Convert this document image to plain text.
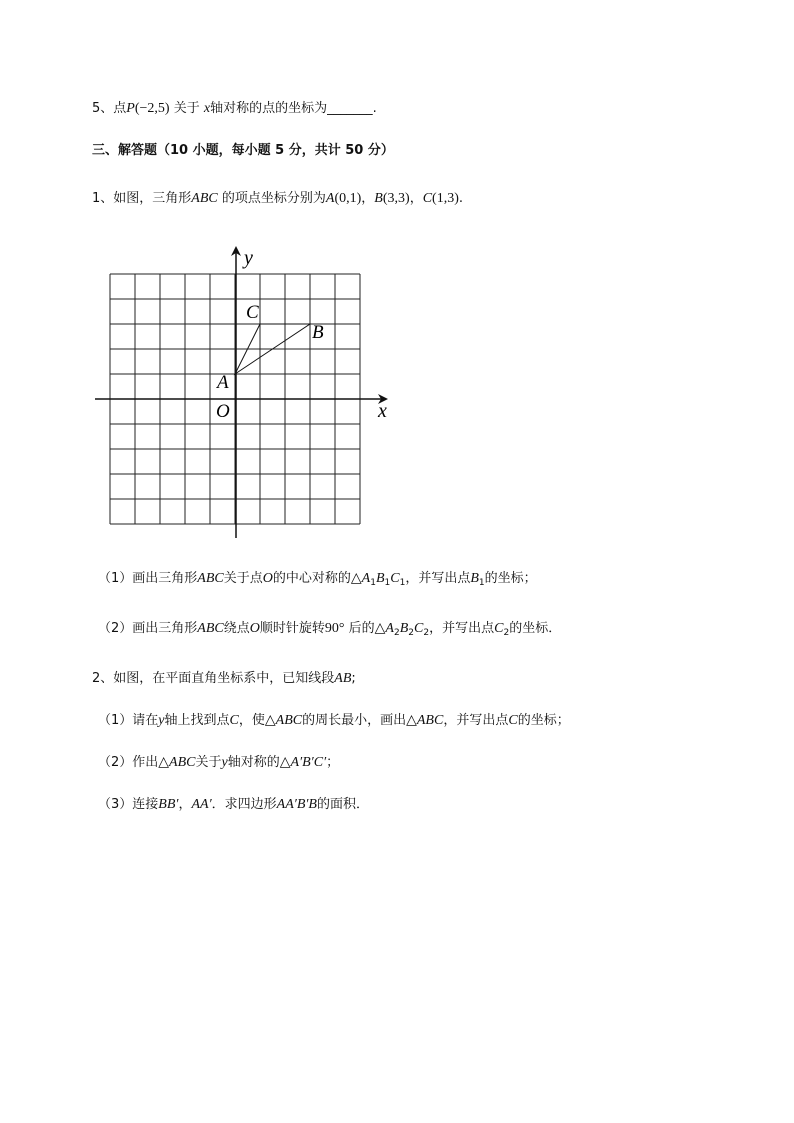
5、点P(−2,5) 关于 x轴对称的点的坐标为_______.
三、解答题（10 小题，每小题 5 分，共计 50 分）
1、如图，三角形ABC 的项点坐标分别为A(0,1)，B(3,3)，C(1,3).
y
x
O
A
B
C
（1）画出三角形ABC关于点O的中心对称的$\triangle A_1B_1C_1$，并写出点$B_1$的坐标；
（2）画出三角形ABC绕点O顺时针旋转90° 后的$\triangle A_2B_2C_2$，并写出点$C_2$的坐标．
2、如图，在平面直角坐标系中，已知线段AB;
（1）请在y轴上找到点C，使△ABC的周长最小，画出△ABC，并写出点C的坐标；
（2）作出△ABC关于y轴对称的△A′B′C′；
（3）连接BB′，AA′．求四边形AA′B′B的面积．
